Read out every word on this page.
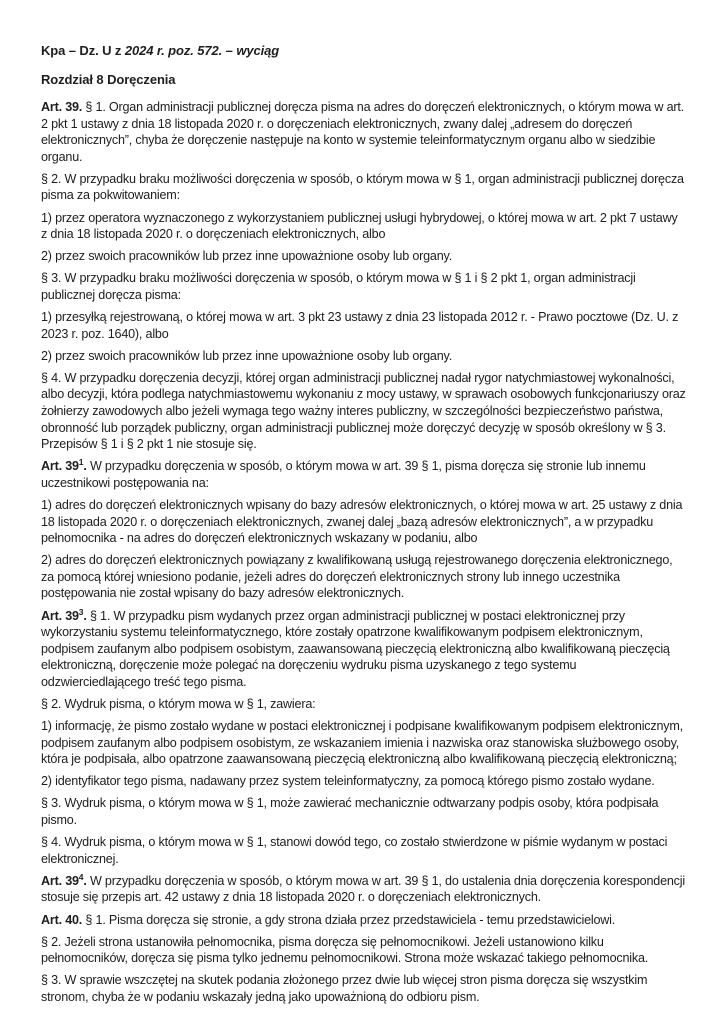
Kpa – Dz. U z 2024 r. poz. 572. – wyciąg

Rozdział 8 Doręczenia

Art. 39. § 1. Organ administracji publicznej doręcza pisma na adres do doręczeń elektronicznych, o którym mowa w art. 2 pkt 1 ustawy z dnia 18 listopada 2020 r. o doręczeniach elektronicznych, zwany dalej „adresem do doręczeń elektronicznych”, chyba że doręczenie następuje na konto w systemie teleinformatycznym organu albo w siedzibie organu.

§ 2. W przypadku braku możliwości doręczenia w sposób, o którym mowa w § 1, organ administracji publicznej doręcza pisma za pokwitowaniem:

1) przez operatora wyznaczonego z wykorzystaniem publicznej usługi hybrydowej, o której mowa w art. 2 pkt 7 ustawy z dnia 18 listopada 2020 r. o doręczeniach elektronicznych, albo

2) przez swoich pracowników lub przez inne upoważnione osoby lub organy.

§ 3. W przypadku braku możliwości doręczenia w sposób, o którym mowa w § 1 i § 2 pkt 1, organ administracji publicznej doręcza pisma:

1) przesyłką rejestrowaną, o której mowa w art. 3 pkt 23 ustawy z dnia 23 listopada 2012 r. - Prawo pocztowe (Dz. U. z 2023 r. poz. 1640), albo

2) przez swoich pracowników lub przez inne upoważnione osoby lub organy.

§ 4. W przypadku doręczenia decyzji, której organ administracji publicznej nadał rygor natychmiastowej wykonalności, albo decyzji, która podlega natychmiastowemu wykonaniu z mocy ustawy, w sprawach osobowych funkcjonariuszy oraz żołnierzy zawodowych albo jeżeli wymaga tego ważny interes publiczny, w szczególności bezpieczeństwo państwa, obronność lub porządek publiczny, organ administracji publicznej może doręczyć decyzję w sposób określony w § 3. Przepisów § 1 i § 2 pkt 1 nie stosuje się.

Art. $39^1$. W przypadku doręczenia w sposób, o którym mowa w art. 39 § 1, pisma doręcza się stronie lub innemu uczestnikowi postępowania na:

1) adres do doręczeń elektronicznych wpisany do bazy adresów elektronicznych, o której mowa w art. 25 ustawy z dnia 18 listopada 2020 r. o doręczeniach elektronicznych, zwanej dalej „bazą adresów elektronicznych”, a w przypadku pełnomocnika - na adres do doręczeń elektronicznych wskazany w podaniu, albo

2) adres do doręczeń elektronicznych powiązany z kwalifikowaną usługą rejestrowanego doręczenia elektronicznego, za pomocą której wniesiono podanie, jeżeli adres do doręczeń elektronicznych strony lub innego uczestnika postępowania nie został wpisany do bazy adresów elektronicznych.

Art. $39^3$. § 1. W przypadku pism wydanych przez organ administracji publicznej w postaci elektronicznej przy wykorzystaniu systemu teleinformatycznego, które zostały opatrzone kwalifikowanym podpisem elektronicznym, podpisem zaufanym albo podpisem osobistym, zaawansowaną pieczęcią elektroniczną albo kwalifikowaną pieczęcią elektroniczną, doręczenie może polegać na doręczeniu wydruku pisma uzyskanego z tego systemu odzwierciedlającego treść tego pisma.

§ 2. Wydruk pisma, o którym mowa w § 1, zawiera:

1) informację, że pismo zostało wydane w postaci elektronicznej i podpisane kwalifikowanym podpisem elektronicznym, podpisem zaufanym albo podpisem osobistym, ze wskazaniem imienia i nazwiska oraz stanowiska służbowego osoby, która je podpisała, albo opatrzone zaawansowaną pieczęcią elektroniczną albo kwalifikowaną pieczęcią elektroniczną;

2) identyfikator tego pisma, nadawany przez system teleinformatyczny, za pomocą którego pismo zostało wydane.

§ 3. Wydruk pisma, o którym mowa w § 1, może zawierać mechanicznie odtwarzany podpis osoby, która podpisała pismo.

§ 4. Wydruk pisma, o którym mowa w § 1, stanowi dowód tego, co zostało stwierdzone w piśmie wydanym w postaci elektronicznej.

Art. $39^4$. W przypadku doręczenia w sposób, o którym mowa w art. 39 § 1, do ustalenia dnia doręczenia korespondencji stosuje się przepis art. 42 ustawy z dnia 18 listopada 2020 r. o doręczeniach elektronicznych.

Art. 40. § 1. Pisma doręcza się stronie, a gdy strona działa przez przedstawiciela - temu przedstawicielowi.

§ 2. Jeżeli strona ustanowiła pełnomocnika, pisma doręcza się pełnomocnikowi. Jeżeli ustanowiono kilku pełnomocników, doręcza się pisma tylko jednemu pełnomocnikowi. Strona może wskazać takiego pełnomocnika.

§ 3. W sprawie wszczętej na skutek podania złożonego przez dwie lub więcej stron pisma doręcza się wszystkim stronom, chyba że w podaniu wskazały jedną jako upoważnioną do odbioru pism.
